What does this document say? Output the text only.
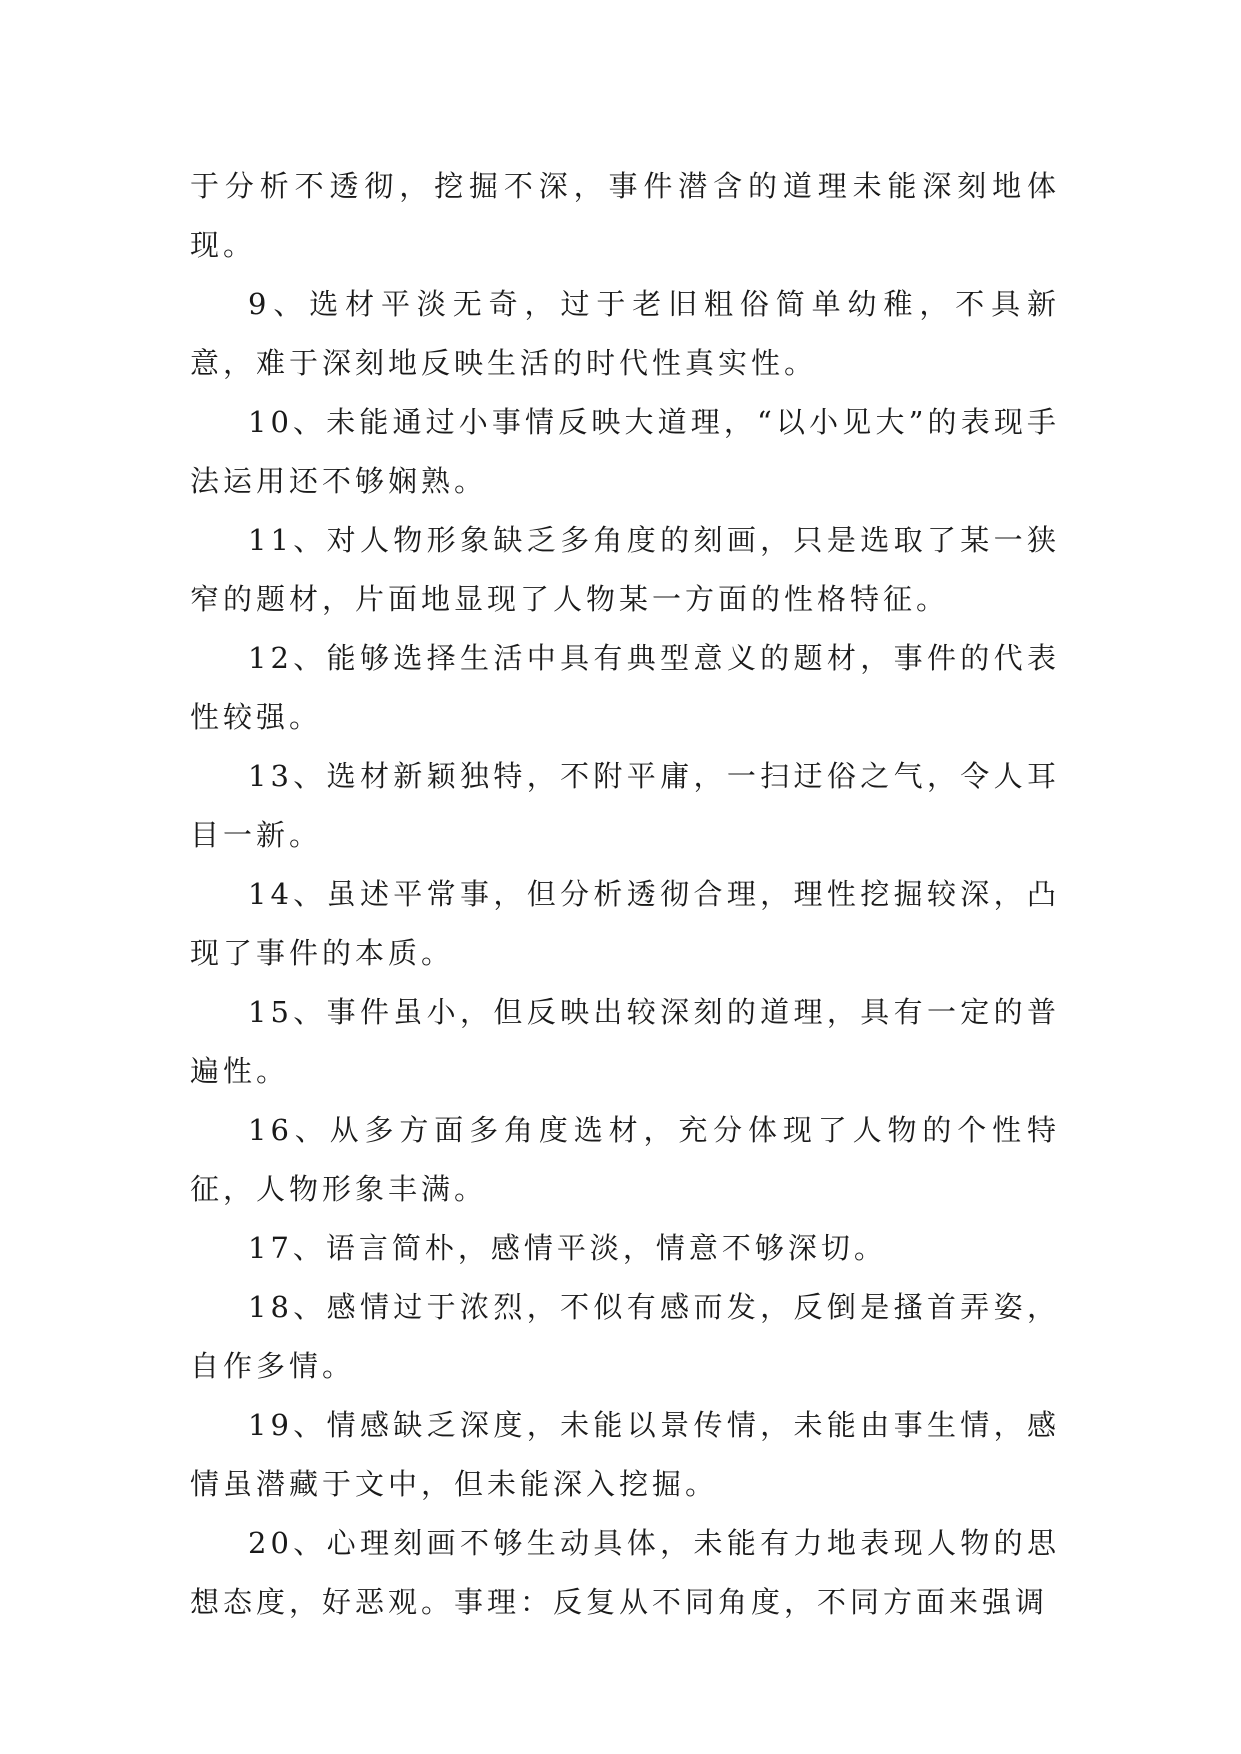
于分析不透彻，挖掘不深，事件潜含的道理未能深刻地体现。

9、选材平淡无奇，过于老旧粗俗简单幼稚，不具新意，难于深刻地反映生活的时代性真实性。

10、未能通过小事情反映大道理，“以小见大”的表现手法运用还不够娴熟。

11、对人物形象缺乏多角度的刻画，只是选取了某一狭窄的题材，片面地显现了人物某一方面的性格特征。

12、能够选择生活中具有典型意义的题材，事件的代表性较强。

13、选材新颖独特，不附平庸，一扫迂俗之气，令人耳目一新。

14、虽述平常事，但分析透彻合理，理性挖掘较深，凸现了事件的本质。

15、事件虽小，但反映出较深刻的道理，具有一定的普遍性。

16、从多方面多角度选材，充分体现了人物的个性特征，人物形象丰满。

17、语言简朴，感情平淡，情意不够深切。

18、感情过于浓烈，不似有感而发，反倒是搔首弄姿，自作多情。

19、情感缺乏深度，未能以景传情，未能由事生情，感情虽潜藏于文中，但未能深入挖掘。

20、心理刻画不够生动具体，未能有力地表现人物的思想态度，好恶观。事理：反复从不同角度，不同方面来强调
